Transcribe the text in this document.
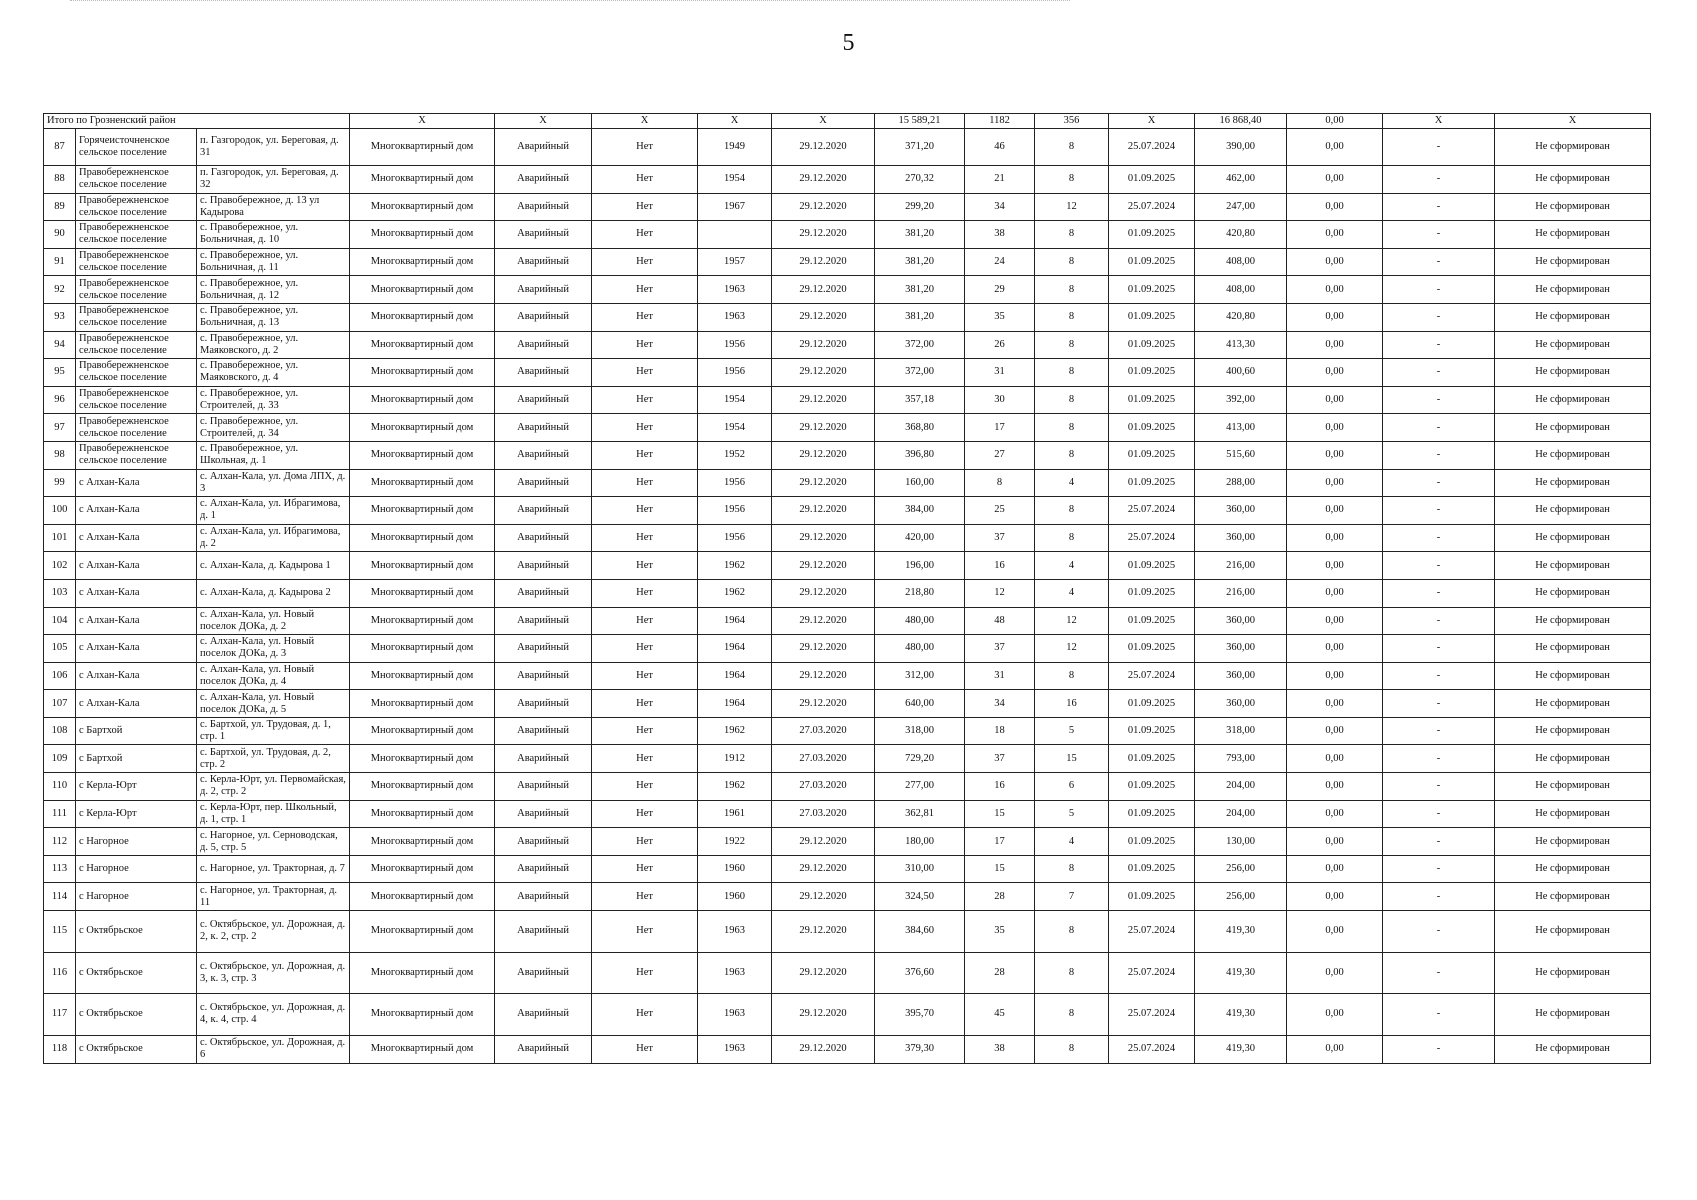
5
Итого по Грозненский район			X	X	X	X	X	15 589,21	1182	356	X	16 868,40	0,00	X	X
87	Горячеисточненское сельское поселение	п. Газгородок, ул. Береговая, д. 31	Многоквартирный дом	Аварийный	Нет	1949	29.12.2020	371,20	46	8	25.07.2024	390,00	0,00	-	Не сформирован
88	Правобережненское сельское поселение	п. Газгородок, ул. Береговая, д. 32	Многоквартирный дом	Аварийный	Нет	1954	29.12.2020	270,32	21	8	01.09.2025	462,00	0,00	-	Не сформирован
89	Правобережненское сельское поселение	с. Правобережное, д. 13 ул Кадырова	Многоквартирный дом	Аварийный	Нет	1967	29.12.2020	299,20	34	12	25.07.2024	247,00	0,00	-	Не сформирован
90	Правобережненское сельское поселение	с. Правобережное, ул. Больничная, д. 10	Многоквартирный дом	Аварийный	Нет		29.12.2020	381,20	38	8	01.09.2025	420,80	0,00	-	Не сформирован
91	Правобережненское сельское поселение	с. Правобережное, ул. Больничная, д. 11	Многоквартирный дом	Аварийный	Нет	1957	29.12.2020	381,20	24	8	01.09.2025	408,00	0,00	-	Не сформирован
92	Правобережненское сельское поселение	с. Правобережное, ул. Больничная, д. 12	Многоквартирный дом	Аварийный	Нет	1963	29.12.2020	381,20	29	8	01.09.2025	408,00	0,00	-	Не сформирован
93	Правобережненское сельское поселение	с. Правобережное, ул. Больничная, д. 13	Многоквартирный дом	Аварийный	Нет	1963	29.12.2020	381,20	35	8	01.09.2025	420,80	0,00	-	Не сформирован
94	Правобережненское сельское поселение	с. Правобережное, ул. Маяковского, д. 2	Многоквартирный дом	Аварийный	Нет	1956	29.12.2020	372,00	26	8	01.09.2025	413,30	0,00	-	Не сформирован
95	Правобережненское сельское поселение	с. Правобережное, ул. Маяковского, д. 4	Многоквартирный дом	Аварийный	Нет	1956	29.12.2020	372,00	31	8	01.09.2025	400,60	0,00	-	Не сформирован
96	Правобережненское сельское поселение	с. Правобережное, ул. Строителей, д. 33	Многоквартирный дом	Аварийный	Нет	1954	29.12.2020	357,18	30	8	01.09.2025	392,00	0,00	-	Не сформирован
97	Правобережненское сельское поселение	с. Правобережное, ул. Строителей, д. 34	Многоквартирный дом	Аварийный	Нет	1954	29.12.2020	368,80	17	8	01.09.2025	413,00	0,00	-	Не сформирован
98	Правобережненское сельское поселение	с. Правобережное, ул. Школьная, д. 1	Многоквартирный дом	Аварийный	Нет	1952	29.12.2020	396,80	27	8	01.09.2025	515,60	0,00	-	Не сформирован
99	с Алхан-Кала	с. Алхан-Кала, ул. Дома ЛПХ, д. 3	Многоквартирный дом	Аварийный	Нет	1956	29.12.2020	160,00	8	4	01.09.2025	288,00	0,00	-	Не сформирован
100	с Алхан-Кала	с. Алхан-Кала, ул. Ибрагимова, д. 1	Многоквартирный дом	Аварийный	Нет	1956	29.12.2020	384,00	25	8	25.07.2024	360,00	0,00	-	Не сформирован
101	с Алхан-Кала	с. Алхан-Кала, ул. Ибрагимова, д. 2	Многоквартирный дом	Аварийный	Нет	1956	29.12.2020	420,00	37	8	25.07.2024	360,00	0,00	-	Не сформирован
102	с Алхан-Кала	с. Алхан-Кала, д. Кадырова 1	Многоквартирный дом	Аварийный	Нет	1962	29.12.2020	196,00	16	4	01.09.2025	216,00	0,00	-	Не сформирован
103	с Алхан-Кала	с. Алхан-Кала, д. Кадырова 2	Многоквартирный дом	Аварийный	Нет	1962	29.12.2020	218,80	12	4	01.09.2025	216,00	0,00	-	Не сформирован
104	с Алхан-Кала	с. Алхан-Кала, ул. Новый поселок ДОКа, д. 2	Многоквартирный дом	Аварийный	Нет	1964	29.12.2020	480,00	48	12	01.09.2025	360,00	0,00	-	Не сформирован
105	с Алхан-Кала	с. Алхан-Кала, ул. Новый поселок ДОКа, д. 3	Многоквартирный дом	Аварийный	Нет	1964	29.12.2020	480,00	37	12	01.09.2025	360,00	0,00	-	Не сформирован
106	с Алхан-Кала	с. Алхан-Кала, ул. Новый поселок ДОКа, д. 4	Многоквартирный дом	Аварийный	Нет	1964	29.12.2020	312,00	31	8	25.07.2024	360,00	0,00	-	Не сформирован
107	с Алхан-Кала	с. Алхан-Кала, ул. Новый поселок ДОКа, д. 5	Многоквартирный дом	Аварийный	Нет	1964	29.12.2020	640,00	34	16	01.09.2025	360,00	0,00	-	Не сформирован
108	с Бартхой	с. Бартхой, ул. Трудовая, д. 1, стр. 1	Многоквартирный дом	Аварийный	Нет	1962	27.03.2020	318,00	18	5	01.09.2025	318,00	0,00	-	Не сформирован
109	с Бартхой	с. Бартхой, ул. Трудовая, д. 2, стр. 2	Многоквартирный дом	Аварийный	Нет	1912	27.03.2020	729,20	37	15	01.09.2025	793,00	0,00	-	Не сформирован
110	с Керла-Юрт	с. Керла-Юрт, ул. Первомайская, д. 2, стр. 2	Многоквартирный дом	Аварийный	Нет	1962	27.03.2020	277,00	16	6	01.09.2025	204,00	0,00	-	Не сформирован
111	с Керла-Юрт	с. Керла-Юрт, пер. Школьный, д. 1, стр. 1	Многоквартирный дом	Аварийный	Нет	1961	27.03.2020	362,81	15	5	01.09.2025	204,00	0,00	-	Не сформирован
112	с Нагорное	с. Нагорное, ул. Серноводская, д. 5, стр. 5	Многоквартирный дом	Аварийный	Нет	1922	29.12.2020	180,00	17	4	01.09.2025	130,00	0,00	-	Не сформирован
113	с Нагорное	с. Нагорное, ул. Тракторная, д. 7	Многоквартирный дом	Аварийный	Нет	1960	29.12.2020	310,00	15	8	01.09.2025	256,00	0,00	-	Не сформирован
114	с Нагорное	с. Нагорное, ул. Тракторная, д. 11	Многоквартирный дом	Аварийный	Нет	1960	29.12.2020	324,50	28	7	01.09.2025	256,00	0,00	-	Не сформирован
115	с Октябрьское	с. Октябрьское, ул. Дорожная, д. 2, к. 2, стр. 2	Многоквартирный дом	Аварийный	Нет	1963	29.12.2020	384,60	35	8	25.07.2024	419,30	0,00	-	Не сформирован
116	с Октябрьское	с. Октябрьское, ул. Дорожная, д. 3, к. 3, стр. 3	Многоквартирный дом	Аварийный	Нет	1963	29.12.2020	376,60	28	8	25.07.2024	419,30	0,00	-	Не сформирован
117	с Октябрьское	с. Октябрьское, ул. Дорожная, д. 4, к. 4, стр. 4	Многоквартирный дом	Аварийный	Нет	1963	29.12.2020	395,70	45	8	25.07.2024	419,30	0,00	-	Не сформирован
118	с Октябрьское	с. Октябрьское, ул. Дорожная, д. 6	Многоквартирный дом	Аварийный	Нет	1963	29.12.2020	379,30	38	8	25.07.2024	419,30	0,00	-	Не сформирован
